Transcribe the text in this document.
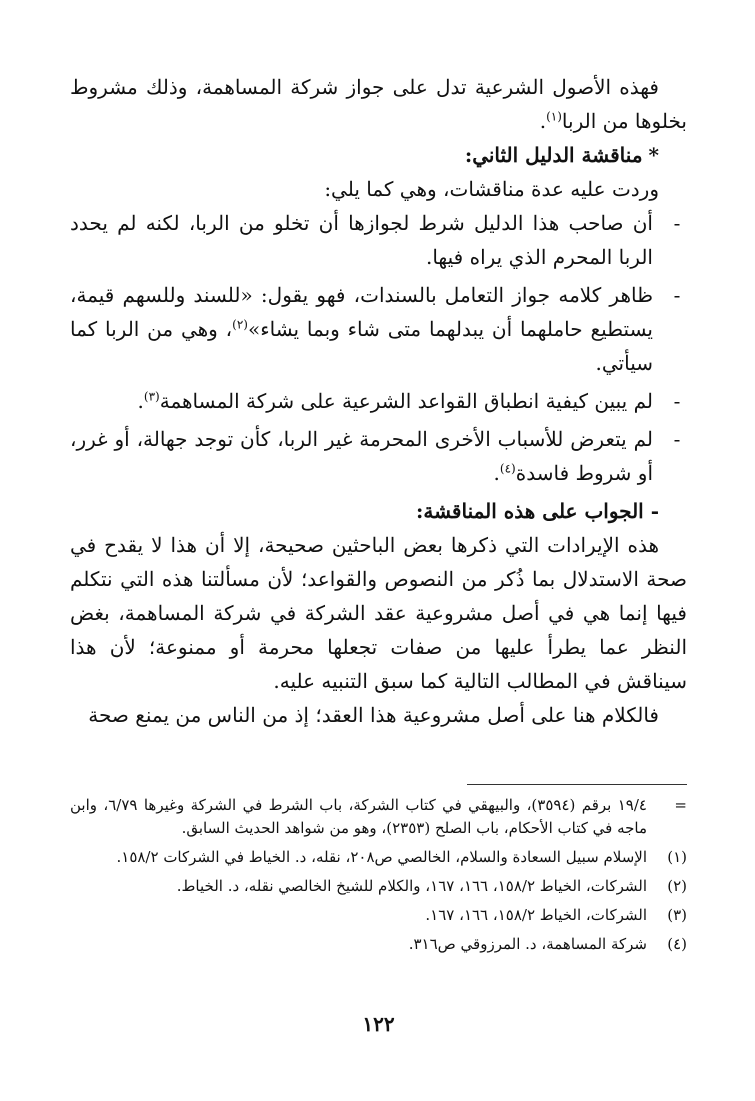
فهذه الأصول الشرعية تدل على جواز شركة المساهمة، وذلك مشروط بخلوها من الربا$^{(١)}$.

*مناقشة الدليل الثاني:

وردت عليه عدة مناقشات، وهي كما يلي:

-
أن صاحب هذا الدليل شرط لجوازها أن تخلو من الربا، لكنه لم يحدد الربا المحرم الذي يراه فيها.

-
ظاهر كلامه جواز التعامل بالسندات، فهو يقول: «للسند وللسهم قيمة، يستطيع حاملهما أن يبدلهما متى شاء وبما يشاء»$^{(٢)}$، وهي من الربا كما سيأتي.

-
لم يبين كيفية انطباق القواعد الشرعية على شركة المساهمة$^{(٣)}$.

-
لم يتعرض للأسباب الأخرى المحرمة غير الربا، كأن توجد جهالة، أو غرر، أو شروط فاسدة$^{(٤)}$.

- الجواب على هذه المناقشة:

هذه الإيرادات التي ذكرها بعض الباحثين صحيحة، إلا أن هذا لا يقدح في صحة الاستدلال بما ذُكر من النصوص والقواعد؛ لأن مسألتنا هذه التي نتكلم فيها إنما هي في أصل مشروعية عقد الشركة في شركة المساهمة، بغض النظر عما يطرأ عليها من صفات تجعلها محرمة أو ممنوعة؛ لأن هذا سيناقش في المطالب التالية كما سبق التنبيه عليه.

فالكلام هنا على أصل مشروعية هذا العقد؛ إذ من الناس من يمنع صحة

=
١٩/٤ برقم (٣٥٩٤)، والبيهقي في كتاب الشركة، باب الشرط في الشركة وغيرها ٦/٧٩، وابن ماجه في كتاب الأحكام، باب الصلح (٢٣٥٣)، وهو من شواهد الحديث السابق.

(١)
الإسلام سبيل السعادة والسلام، الخالصي ص٢٠٨، نقله، د. الخياط في الشركات ١٥٨/٢.

(٢)
الشركات، الخياط ١٥٨/٢، ١٦٦، ١٦٧، والكلام للشيخ الخالصي نقله، د. الخياط.

(٣)
الشركات، الخياط ١٥٨/٢، ١٦٦، ١٦٧.

(٤)
شركة المساهمة، د. المرزوقي ص٣١٦.

١٢٢
